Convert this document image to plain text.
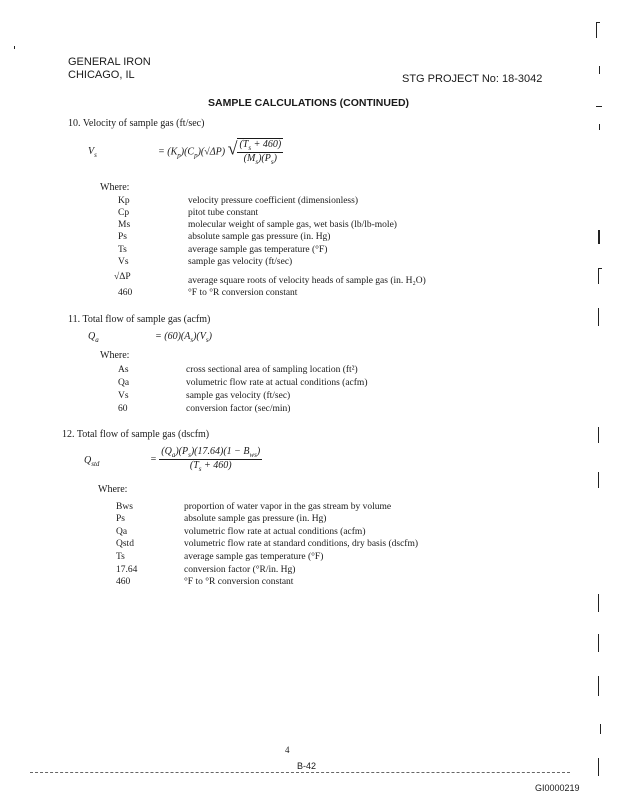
GENERAL IRON
CHICAGO, IL	STG PROJECT No: 18-3042
SAMPLE CALCULATIONS (CONTINUED)
10. Velocity of sample gas (ft/sec)
$V_s$	= $(K_p)(C_p)(√\Delta P)$ √ $\frac{(T_s + 460)}{(M_s)(P_s)}$
Where:
Kp	velocity pressure coefficient (dimensionless)
Cp	pitot tube constant
Ms	molecular weight of sample gas, wet basis (lb/lb-mole)
Ps	absolute sample gas pressure (in. Hg)
Ts	average sample gas temperature (°F)
Vs	sample gas velocity (ft/sec)
√ΔP	average square roots of velocity heads of sample gas (in. H₂O)
460	°F to °R conversion constant
11. Total flow of sample gas (acfm)
$Q_a$	= $(60)(A_s)(V_s)$
Where:
As	cross sectional area of sampling location (ft²)
Qa	volumetric flow rate at actual conditions (acfm)
Vs	sample gas velocity (ft/sec)
60	conversion factor (sec/min)
12. Total flow of sample gas (dscfm)
$Q_{std}$	= $\frac{(Q_a)(P_s)(17.64)(1 - B_{ws})}{(T_s + 460)}$
Where:
Bws	proportion of water vapor in the gas stream by volume
Ps	absolute sample gas pressure (in. Hg)
Qa	volumetric flow rate at actual conditions (acfm)
Qstd	volumetric flow rate at standard conditions, dry basis (dscfm)
Ts	average sample gas temperature (°F)
17.64	conversion factor (°R/in. Hg)
460	°F to °R conversion constant
4
B-42
GI0000219
